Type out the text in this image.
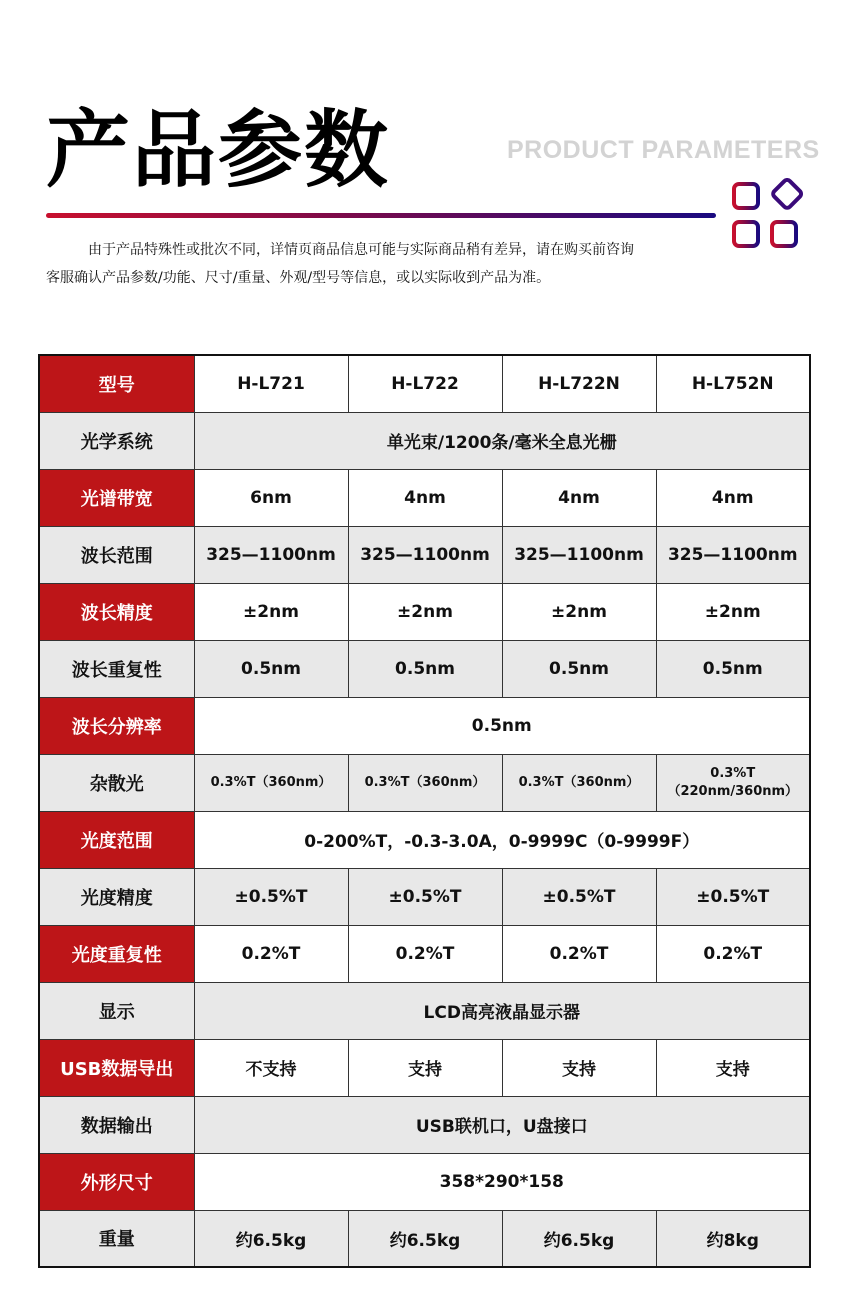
产品参数	PRODUCT PARAMETERS
由于产品特殊性或批次不同，详情页商品信息可能与实际商品稍有差异，请在购买前咨询
客服确认产品参数/功能、尺寸/重量、外观/型号等信息，或以实际收到产品为准。
型号	H-L721	H-L722	H-L722N	H-L752N
光学系统	单光束/1200条/毫米全息光栅			
光谱带宽	6nm	4nm	4nm	4nm
波长范围	325—1100nm	325—1100nm	325—1100nm	325—1100nm
波长精度	±2nm	±2nm	±2nm	±2nm
波长重复性	0.5nm	0.5nm	0.5nm	0.5nm
波长分辨率	0.5nm			
杂散光	0.3%T（360nm）	0.3%T（360nm）	0.3%T（360nm）	0.3%T
（220nm/360nm）

光度范围	0-200%T，-0.3-3.0A，0-9999C（0-9999F）			
光度精度	±0.5%T	±0.5%T	±0.5%T	±0.5%T
光度重复性	0.2%T	0.2%T	0.2%T	0.2%T
显示	LCD高亮液晶显示器			
USB数据导出	不支持	支持	支持	支持
数据输出	USB联机口，U盘接口			
外形尺寸	358*290*158			
重量	约6.5kg	约6.5kg	约6.5kg	约8kg
